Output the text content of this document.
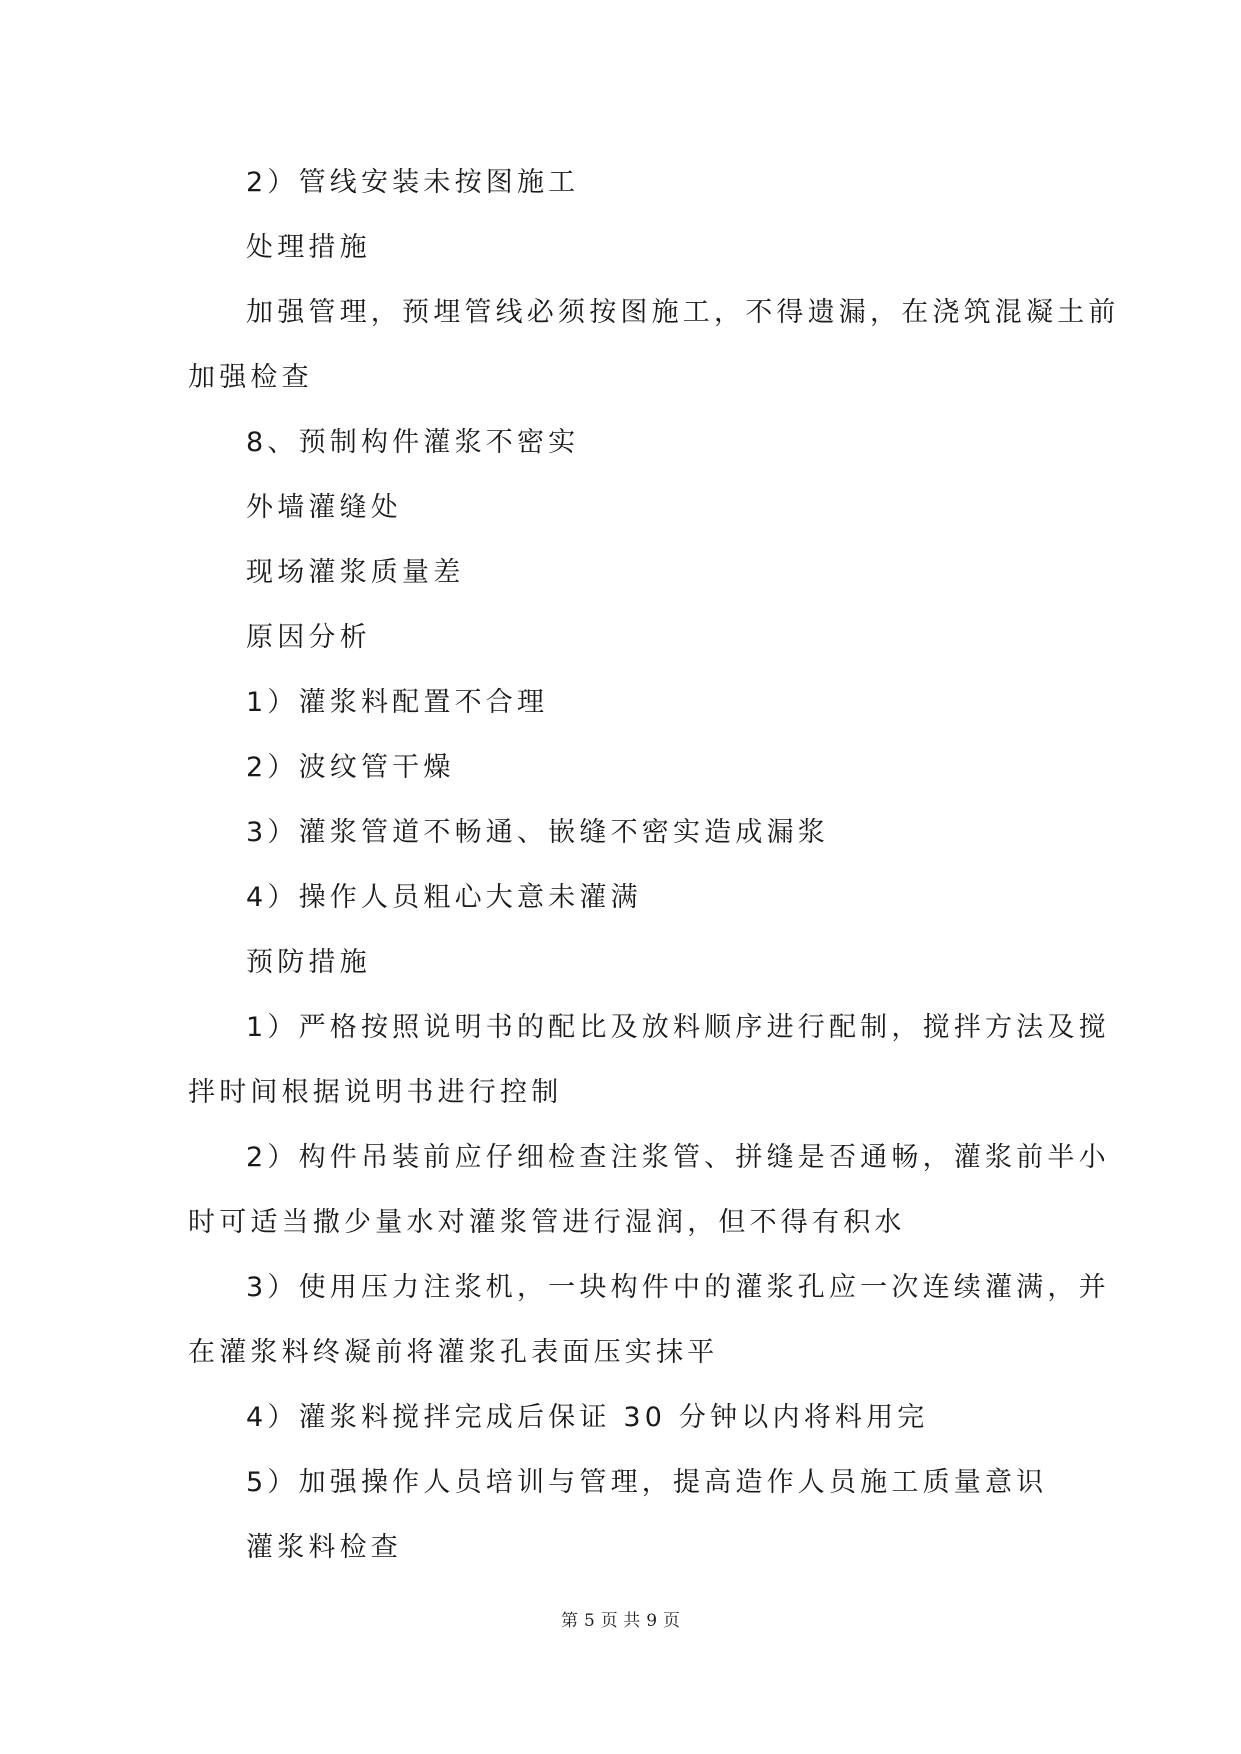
2）管线安装未按图施工
处理措施
加强管理，预埋管线必须按图施工，不得遗漏，在浇筑混凝土前
加强检查
8、预制构件灌浆不密实
外墙灌缝处
现场灌浆质量差
原因分析
1）灌浆料配置不合理
2）波纹管干燥
3）灌浆管道不畅通、嵌缝不密实造成漏浆
4）操作人员粗心大意未灌满
预防措施
1）严格按照说明书的配比及放料顺序进行配制，搅拌方法及搅
拌时间根据说明书进行控制
2）构件吊装前应仔细检查注浆管、拼缝是否通畅，灌浆前半小
时可适当撒少量水对灌浆管进行湿润，但不得有积水
3）使用压力注浆机，一块构件中的灌浆孔应一次连续灌满，并
在灌浆料终凝前将灌浆孔表面压实抹平
4）灌浆料搅拌完成后保证 30 分钟以内将料用完
5）加强操作人员培训与管理，提高造作人员施工质量意识
灌浆料检查
第 5 页 共 9 页
